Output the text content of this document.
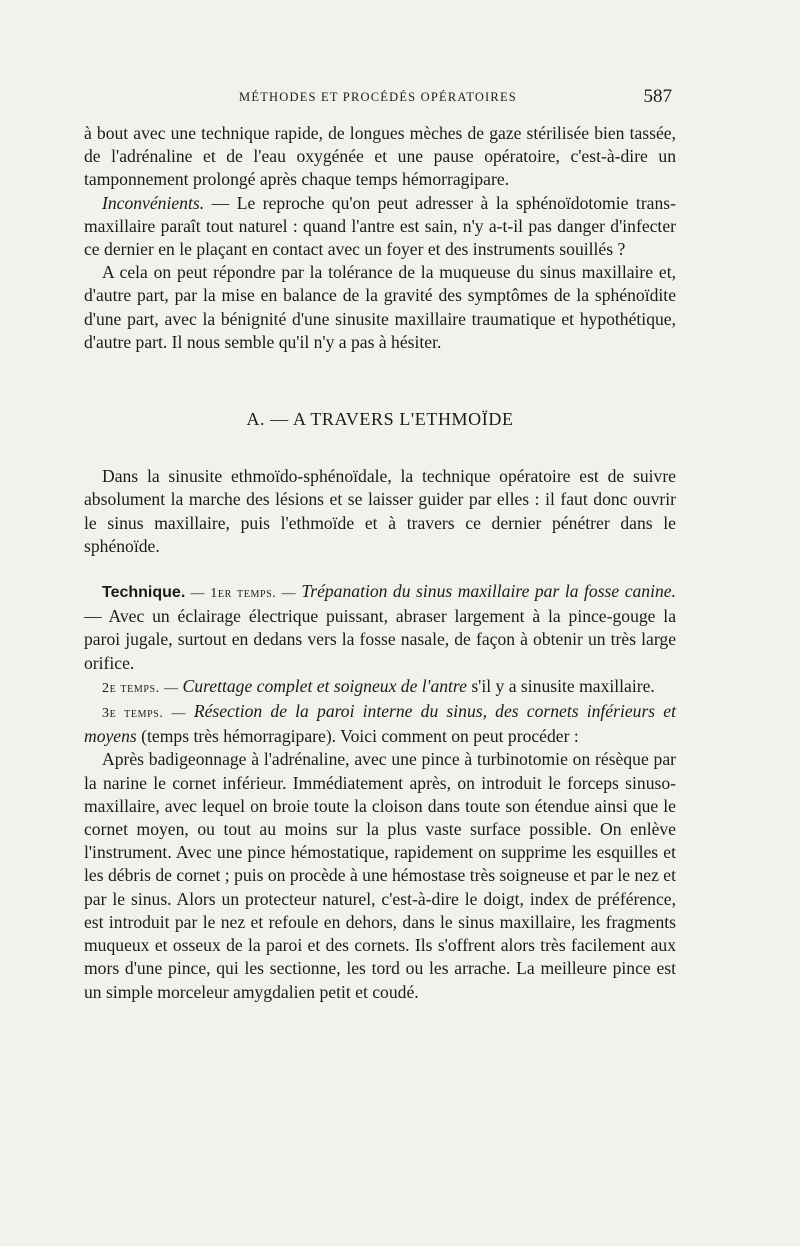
MÉTHODES ET PROCÉDÉS OPÉRATOIRES	587

à bout avec une technique rapide, de longues mèches de gaze stérilisée bien tassée, de l'adrénaline et de l'eau oxygénée et une pause opératoire, c'est-à-dire un tamponnement prolongé après chaque temps hémorragipare.

Inconvénients. — Le reproche qu'on peut adresser à la sphénoïdotomie trans-maxillaire paraît tout naturel : quand l'antre est sain, n'y a-t-il pas danger d'infecter ce dernier en le plaçant en contact avec un foyer et des instruments souillés ?

A cela on peut répondre par la tolérance de la muqueuse du sinus maxillaire et, d'autre part, par la mise en balance de la gravité des symptômes de la sphénoïdite d'une part, avec la bénignité d'une sinusite maxillaire traumatique et hypothétique, d'autre part. Il nous semble qu'il n'y a pas à hésiter.

A. — A TRAVERS L'ETHMOÏDE

Dans la sinusite ethmoïdo-sphénoïdale, la technique opératoire est de suivre absolument la marche des lésions et se laisser guider par elles : il faut donc ouvrir le sinus maxillaire, puis l'ethmoïde et à travers ce dernier pénétrer dans le sphénoïde.

Technique. — 1er temps. — Trépanation du sinus maxillaire par la fosse canine. — Avec un éclairage électrique puissant, abraser largement à la pince-gouge la paroi jugale, surtout en dedans vers la fosse nasale, de façon à obtenir un très large orifice.

2e temps. — Curettage complet et soigneux de l'antre s'il y a sinusite maxillaire.

3e temps. — Résection de la paroi interne du sinus, des cornets inférieurs et moyens (temps très hémorragipare). Voici comment on peut procéder :

Après badigeonnage à l'adrénaline, avec une pince à turbinotomie on résèque par la narine le cornet inférieur. Immédiatement après, on introduit le forceps sinuso-maxillaire, avec lequel on broie toute la cloison dans toute son étendue ainsi que le cornet moyen, ou tout au moins sur la plus vaste surface possible. On enlève l'instrument. Avec une pince hémostatique, rapidement on supprime les esquilles et les débris de cornet ; puis on procède à une hémostase très soigneuse et par le nez et par le sinus. Alors un protecteur naturel, c'est-à-dire le doigt, index de préférence, est introduit par le nez et refoule en dehors, dans le sinus maxillaire, les fragments muqueux et osseux de la paroi et des cornets. Ils s'offrent alors très facilement aux mors d'une pince, qui les sectionne, les tord ou les arrache. La meilleure pince est un simple morceleur amygdalien petit et coudé.
